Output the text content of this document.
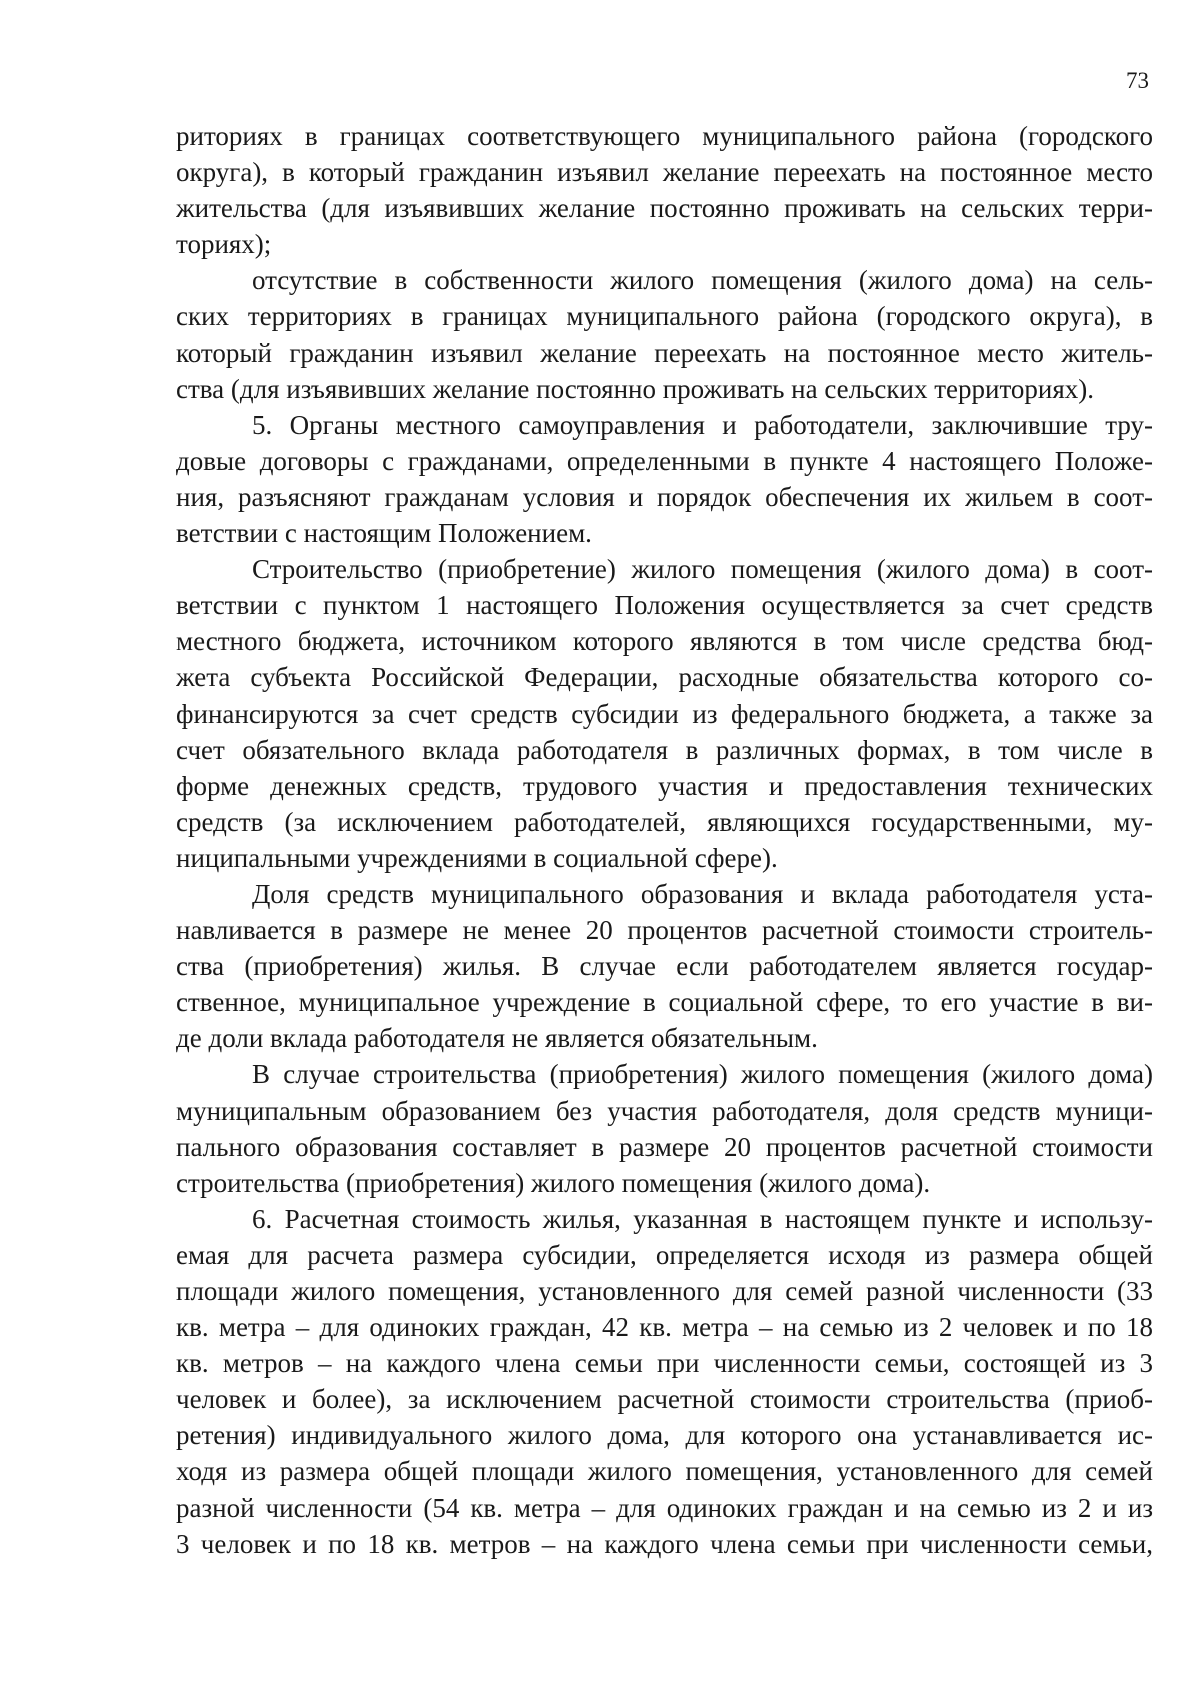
73
риториях в границах соответствующего муниципального района (городского
округа), в который гражданин изъявил желание переехать на постоянное место
жительства (для изъявивших желание постоянно проживать на сельских терри-
ториях);
отсутствие в собственности жилого помещения (жилого дома) на сель-
ских территориях в границах муниципального района (городского округа), в
который гражданин изъявил желание переехать на постоянное место житель-
ства (для изъявивших желание постоянно проживать на сельских территориях).
5. Органы местного самоуправления и работодатели, заключившие тру-
довые договоры с гражданами, определенными в пункте 4 настоящего Положе-
ния, разъясняют гражданам условия и порядок обеспечения их жильем в соот-
ветствии с настоящим Положением.
Строительство (приобретение) жилого помещения (жилого дома) в соот-
ветствии с пунктом 1 настоящего Положения осуществляется за счет средств
местного бюджета, источником которого являются в том числе средства бюд-
жета субъекта Российской Федерации, расходные обязательства которого со-
финансируются за счет средств субсидии из федерального бюджета, а также за
счет обязательного вклада работодателя в различных формах, в том числе в
форме денежных средств, трудового участия и предоставления технических
средств (за исключением работодателей, являющихся государственными, му-
ниципальными учреждениями в социальной сфере).
Доля средств муниципального образования и вклада работодателя уста-
навливается в размере не менее 20 процентов расчетной стоимости строитель-
ства (приобретения) жилья. В случае если работодателем является государ-
ственное, муниципальное учреждение в социальной сфере, то его участие в ви-
де доли вклада работодателя не является обязательным.
В случае строительства (приобретения) жилого помещения (жилого дома)
муниципальным образованием без участия работодателя, доля средств муници-
пального образования составляет в размере 20 процентов расчетной стоимости
строительства (приобретения) жилого помещения (жилого дома).
6. Расчетная стоимость жилья, указанная в настоящем пункте и использу-
емая для расчета размера субсидии, определяется исходя из размера общей
площади жилого помещения, установленного для семей разной численности (33
кв. метра – для одиноких граждан, 42 кв. метра – на семью из 2 человек и по 18
кв. метров – на каждого члена семьи при численности семьи, состоящей из 3
человек и более), за исключением расчетной стоимости строительства (приоб-
ретения) индивидуального жилого дома, для которого она устанавливается ис-
ходя из размера общей площади жилого помещения, установленного для семей
разной численности (54 кв. метра – для одиноких граждан и на семью из 2 и из
3 человек и по 18 кв. метров – на каждого члена семьи при численности семьи,
